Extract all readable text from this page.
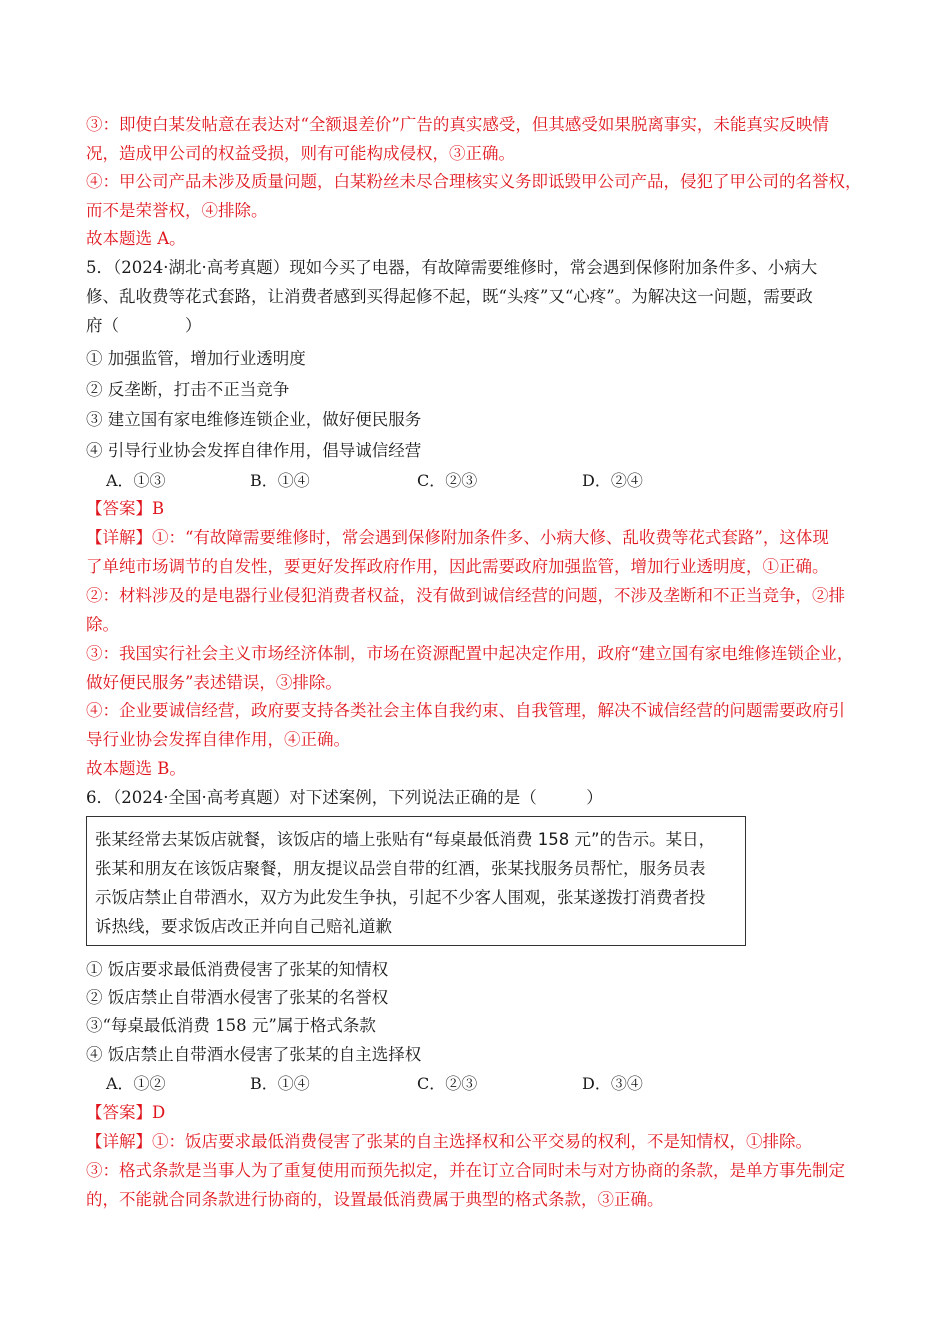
③：即使白某发帖意在表达对“全额退差价”广告的真实感受，但其感受如果脱离事实，未能真实反映情
况，造成甲公司的权益受损，则有可能构成侵权，③正确。
④：甲公司产品未涉及质量问题，白某粉丝未尽合理核实义务即诋毁甲公司产品，侵犯了甲公司的名誉权，
而不是荣誉权，④排除。
故本题选 A。
5．（2024·湖北·高考真题）现如今买了电器，有故障需要维修时，常会遇到保修附加条件多、小病大
修、乱收费等花式套路，让消费者感到买得起修不起，既“头疼”又“心疼”。为解决这一问题，需要政
府（　　　　）
① 加强监管，增加行业透明度
② 反垄断，打击不正当竞争
③ 建立国有家电维修连锁企业，做好便民服务
④ 引导行业协会发挥自律作用，倡导诚信经营
A．①③	B．①④	C．②③	D．②④
【答案】B
【详解】①：“有故障需要维修时，常会遇到保修附加条件多、小病大修、乱收费等花式套路”，这体现
了单纯市场调节的自发性，要更好发挥政府作用，因此需要政府加强监管，增加行业透明度，①正确。
②：材料涉及的是电器行业侵犯消费者权益，没有做到诚信经营的问题，不涉及垄断和不正当竞争，②排
除。
③：我国实行社会主义市场经济体制，市场在资源配置中起决定作用，政府“建立国有家电维修连锁企业，
做好便民服务”表述错误，③排除。
④：企业要诚信经营，政府要支持各类社会主体自我约束、自我管理，解决不诚信经营的问题需要政府引
导行业协会发挥自律作用，④正确。
故本题选 B。
6．（2024·全国·高考真题）对下述案例，下列说法正确的是（　　　）
张某经常去某饭店就餐，该饭店的墙上张贴有“每桌最低消费 158 元”的告示。某日，
张某和朋友在该饭店聚餐，朋友提议品尝自带的红酒，张某找服务员帮忙，服务员表
示饭店禁止自带酒水，双方为此发生争执，引起不少客人围观，张某遂拨打消费者投
诉热线，要求饭店改正并向自己赔礼道歉
① 饭店要求最低消费侵害了张某的知情权
② 饭店禁止自带酒水侵害了张某的名誉权
③“每桌最低消费 158 元”属于格式条款
④ 饭店禁止自带酒水侵害了张某的自主选择权
A．①②	B．①④	C．②③	D．③④
【答案】D
【详解】①：饭店要求最低消费侵害了张某的自主选择权和公平交易的权利，不是知情权，①排除。
③：格式条款是当事人为了重复使用而预先拟定，并在订立合同时未与对方协商的条款，是单方事先制定
的，不能就合同条款进行协商的，设置最低消费属于典型的格式条款，③正确。
